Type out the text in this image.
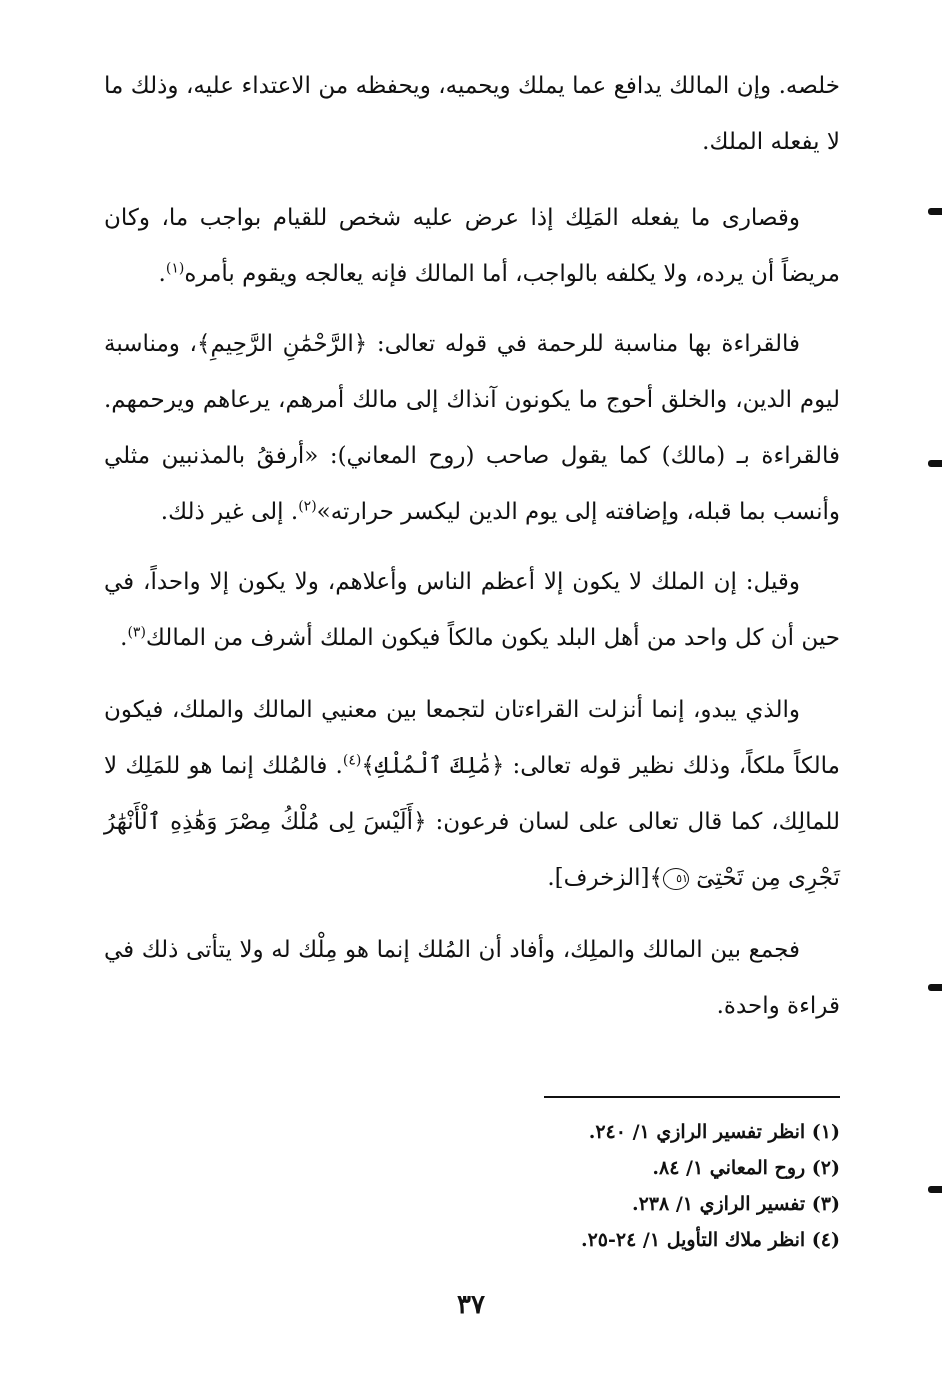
خلصه. وإن المالك يدافع عما يملك ويحميه، ويحفظه من الاعتداء عليه، وذلك ما لا يفعله الملك.

وقصارى ما يفعله المَلِك إذا عرض عليه شخص للقيام بواجب ما، وكان مريضاً أن يرده، ولا يكلفه بالواجب، أما المالك فإنه يعالجه ويقوم بأمره$^{(١)}$.

فالقراءة بها مناسبة للرحمة في قوله تعالى: ﴿الرَّحْمَٰنِ الرَّحِيمِ﴾، ومناسبة ليوم الدين، والخلق أحوج ما يكونون آنذاك إلى مالك أمرهم، يرعاهم ويرحمهم. فالقراءة بـ (مالك) كما يقول صاحب (روح المعاني): «أرفقُ بالمذنبين مثلي وأنسب بما قبله، وإضافته إلى يوم الدين ليكسر حرارته»$^{(٢)}$. إلى غير ذلك.

وقيل: إن الملك لا يكون إلا أعظم الناس وأعلاهم، ولا يكون إلا واحداً، في حين أن كل واحد من أهل البلد يكون مالكاً فيكون الملك أشرف من المالك$^{(٣)}$.

والذي يبدو، إنما أنزلت القراءتان لتجمعا بين معنيي المالك والملك، فيكون مالكاً ملكاً، وذلك نظير قوله تعالى: ﴿مَٰلِكَ ٱلْمُلْكِ﴾$^{(٤)}$. فالمُلك إنما هو للمَلِك لا للمالِك، كما قال تعالى على لسان فرعون: ﴿أَلَيْسَ لِى مُلْكُ مِصْرَ وَهَٰذِهِ ٱلْأَنْهَٰرُ تَجْرِى مِن تَحْتِىٓ ٥١﴾[الزخرف].

فجمع بين المالك والملِك، وأفاد أن المُلك إنما هو مِلْك له ولا يتأتى ذلك في قراءة واحدة.

(١) انظر تفسير الرازي ١/ ٢٤٠.
(٢) روح المعاني ١/ ٨٤.
(٣) تفسير الرازي ١/ ٢٣٨.
(٤) انظر ملاك التأويل ١/ ٢٤-٢٥.
٣٧
